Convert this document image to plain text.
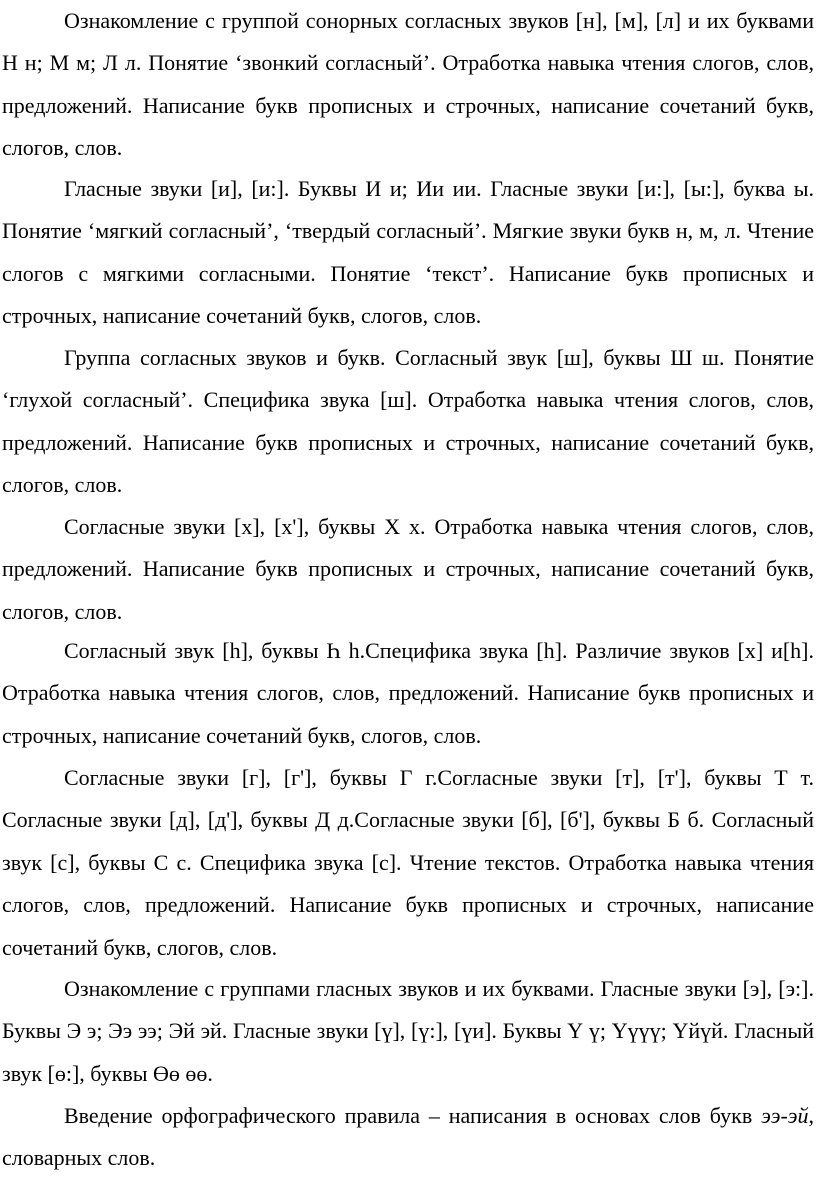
Ознакомление с группой сонорных согласных звуков [н], [м], [л] и их буквами Н н; М м; Л л. Понятие ‘звонкий согласный’. Отработка навыка чтения слогов, слов, предложений. Написание букв прописных и строчных, написание сочетаний букв, слогов, слов.

Гласные звуки [и], [и:]. Буквы И и; Ии ии. Гласные звуки [и:], [ы:], буква ы. Понятие ‘мягкий согласный’, ‘твердый согласный’. Мягкие звуки букв н, м, л. Чтение слогов с мягкими согласными. Понятие ‘текст’. Написание букв прописных и строчных, написание сочетаний букв, слогов, слов.

Группа согласных звуков и букв. Согласный звук [ш], буквы Ш ш. Понятие ‘глухой согласный’. Специфика звука [ш]. Отработка навыка чтения слогов, слов, предложений. Написание букв прописных и строчных, написание сочетаний букв, слогов, слов.

Согласные звуки [х], [х'], буквы Х х. Отработка навыка чтения слогов, слов, предложений. Написание букв прописных и строчных, написание сочетаний букв, слогов, слов.

Согласный звук [һ], буквы Һ һ.Специфика звука [һ]. Различие звуков [х] и[һ]. Отработка навыка чтения слогов, слов, предложений. Написание букв прописных и строчных, написание сочетаний букв, слогов, слов.

Согласные звуки [г], [г'], буквы Г г.Согласные звуки [т], [т'], буквы Т т. Согласные звуки [д], [д'], буквы Д д.Согласные звуки [б], [б'], буквы Б б. Согласный звук [с], буквы С с. Специфика звука [с]. Чтение текстов. Отработка навыка чтения слогов, слов, предложений. Написание букв прописных и строчных, написание сочетаний букв, слогов, слов.

Ознакомление с группами гласных звуков и их буквами. Гласные звуки [э], [э:]. Буквы Э э; Ээ ээ; Эй эй. Гласные звуки [ү], [ү:], [үи]. Буквы Ү ү; Үүүү; Үйүй. Гласный звук [ө:], буквы Өө өө.

Введение орфографического правила – написания в основах слов букв ээ-эй, словарных слов.
